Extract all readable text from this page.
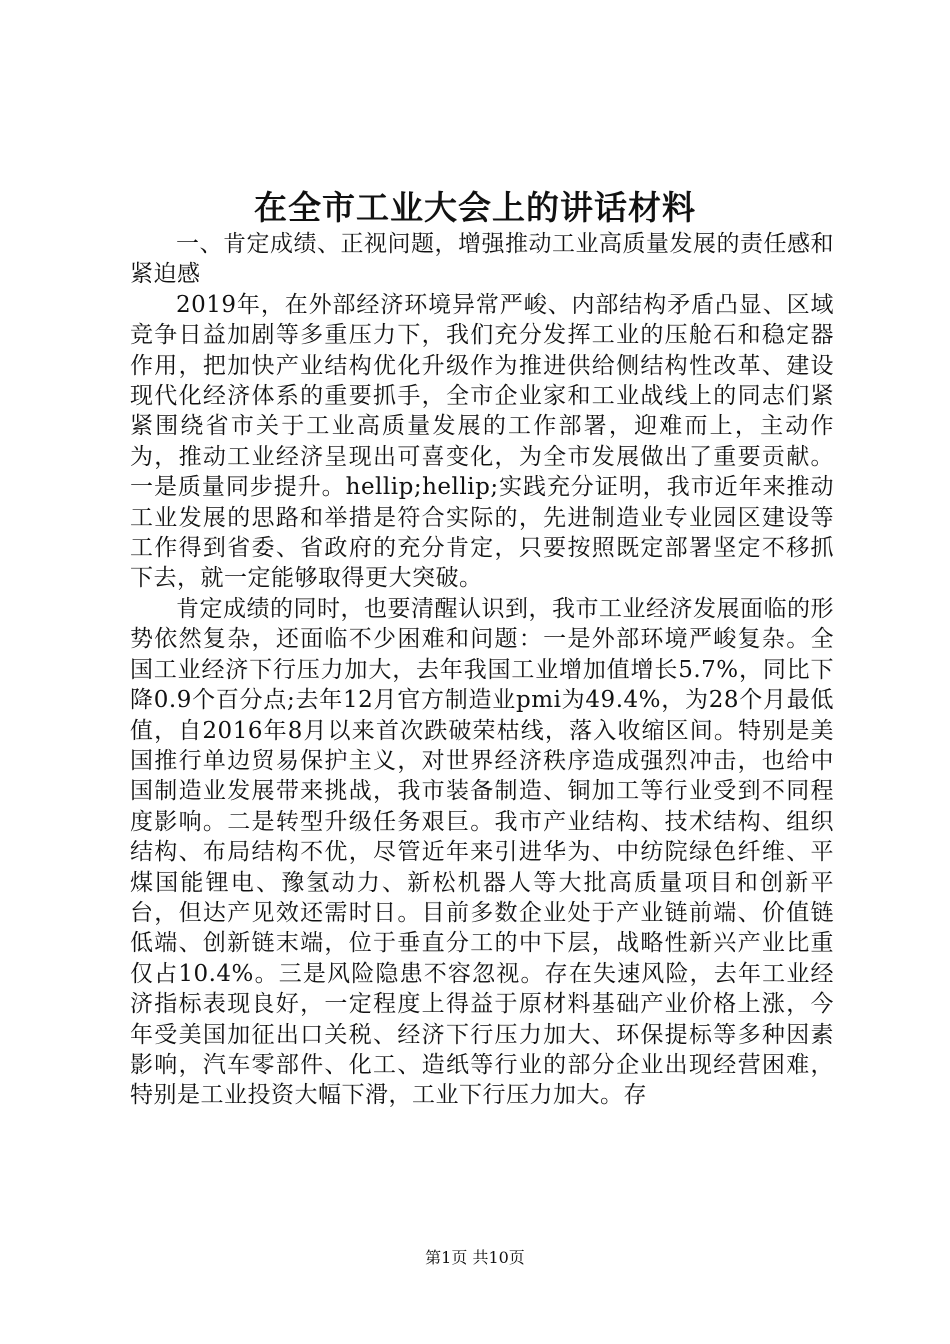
在全市工业大会上的讲话材料

一、肯定成绩、正视问题，增强推动工业高质量发展的责任感和紧迫感

2019年，在外部经济环境异常严峻、内部结构矛盾凸显、区域竞争日益加剧等多重压力下，我们充分发挥工业的压舱石和稳定器作用，把加快产业结构优化升级作为推进供给侧结构性改革、建设现代化经济体系的重要抓手，全市企业家和工业战线上的同志们紧紧围绕省市关于工业高质量发展的工作部署，迎难而上，主动作为，推动工业经济呈现出可喜变化，为全市发展做出了重要贡献。一是质量同步提升。hellip;hellip;实践充分证明，我市近年来推动工业发展的思路和举措是符合实际的，先进制造业专业园区建设等工作得到省委、省政府的充分肯定，只要按照既定部署坚定不移抓下去，就一定能够取得更大突破。

肯定成绩的同时，也要清醒认识到，我市工业经济发展面临的形势依然复杂，还面临不少困难和问题：一是外部环境严峻复杂。全国工业经济下行压力加大，去年我国工业增加值增长5.7%，同比下降0.9个百分点;去年12月官方制造业pmi为49.4%，为28个月最低值，自2016年8月以来首次跌破荣枯线，落入收缩区间。特别是美国推行单边贸易保护主义，对世界经济秩序造成强烈冲击，也给中国制造业发展带来挑战，我市装备制造、铜加工等行业受到不同程度影响。二是转型升级任务艰巨。我市产业结构、技术结构、组织结构、布局结构不优，尽管近年来引进华为、中纺院绿色纤维、平煤国能锂电、豫氢动力、新松机器人等大批高质量项目和创新平台，但达产见效还需时日。目前多数企业处于产业链前端、价值链低端、创新链末端，位于垂直分工的中下层，战略性新兴产业比重仅占10.4%。三是风险隐患不容忽视。存在失速风险，去年工业经济指标表现良好，一定程度上得益于原材料基础产业价格上涨，今年受美国加征出口关税、经济下行压力加大、环保提标等多种因素影响，汽车零部件、化工、造纸等行业的部分企业出现经营困难，特别是工业投资大幅下滑，工业下行压力加大。存

第1页 共10页
